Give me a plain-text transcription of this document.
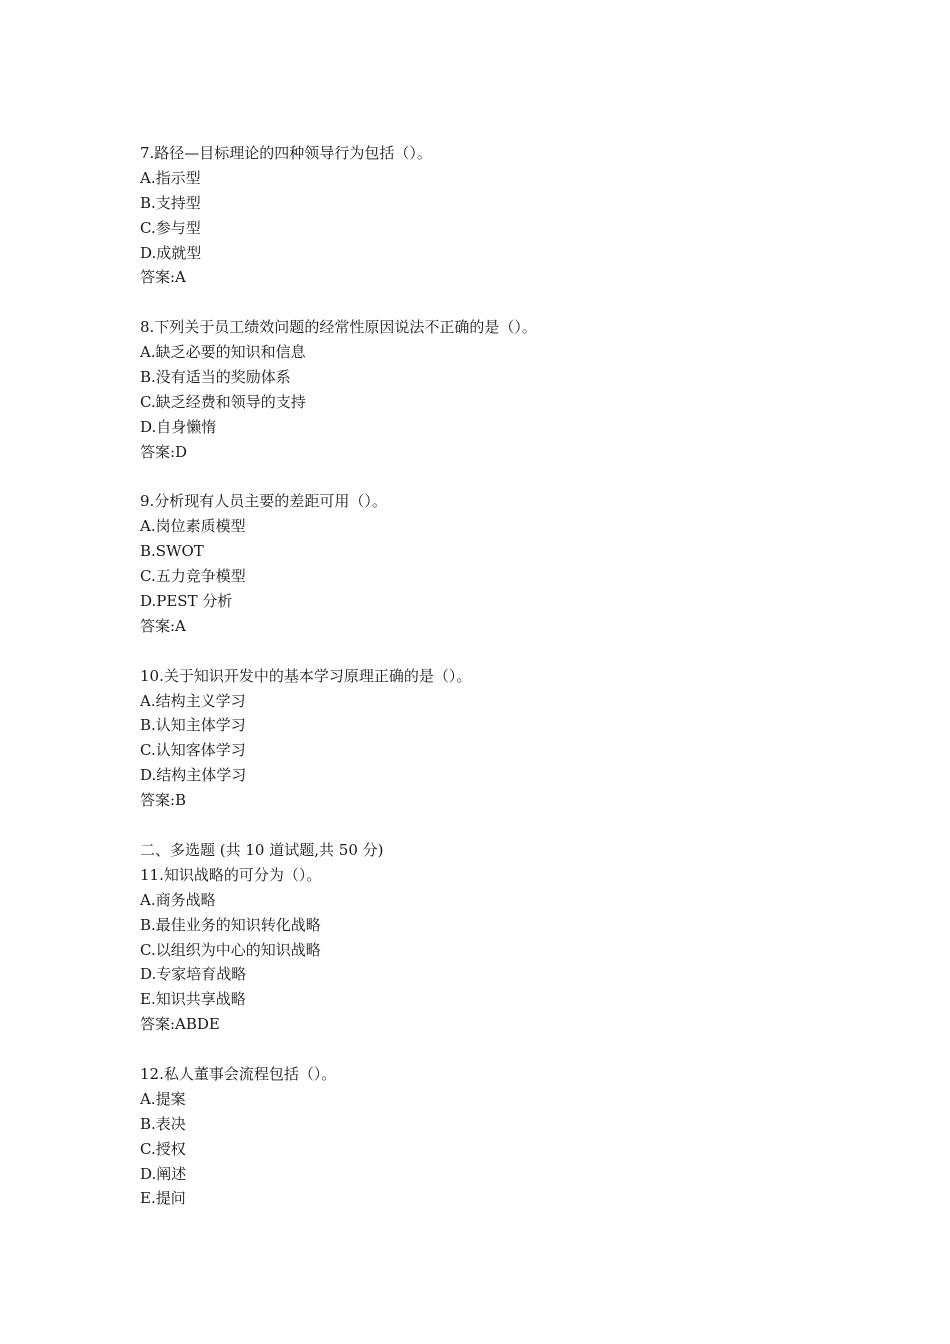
7.路径—目标理论的四种领导行为包括（）。
A.指示型
B.支持型
C.参与型
D.成就型
答案:A
8.下列关于员工绩效问题的经常性原因说法不正确的是（）。
A.缺乏必要的知识和信息
B.没有适当的奖励体系
C.缺乏经费和领导的支持
D.自身懒惰
答案:D
9.分析现有人员主要的差距可用（）。
A.岗位素质模型
B.SWOT
C.五力竞争模型
D.PEST 分析
答案:A
10.关于知识开发中的基本学习原理正确的是（）。
A.结构主义学习
B.认知主体学习
C.认知客体学习
D.结构主体学习
答案:B
二、多选题 (共 10 道试题,共 50 分)
11.知识战略的可分为（）。
A.商务战略
B.最佳业务的知识转化战略
C.以组织为中心的知识战略
D.专家培育战略
E.知识共享战略
答案:ABDE
12.私人董事会流程包括（）。
A.提案
B.表决
C.授权
D.阐述
E.提问
